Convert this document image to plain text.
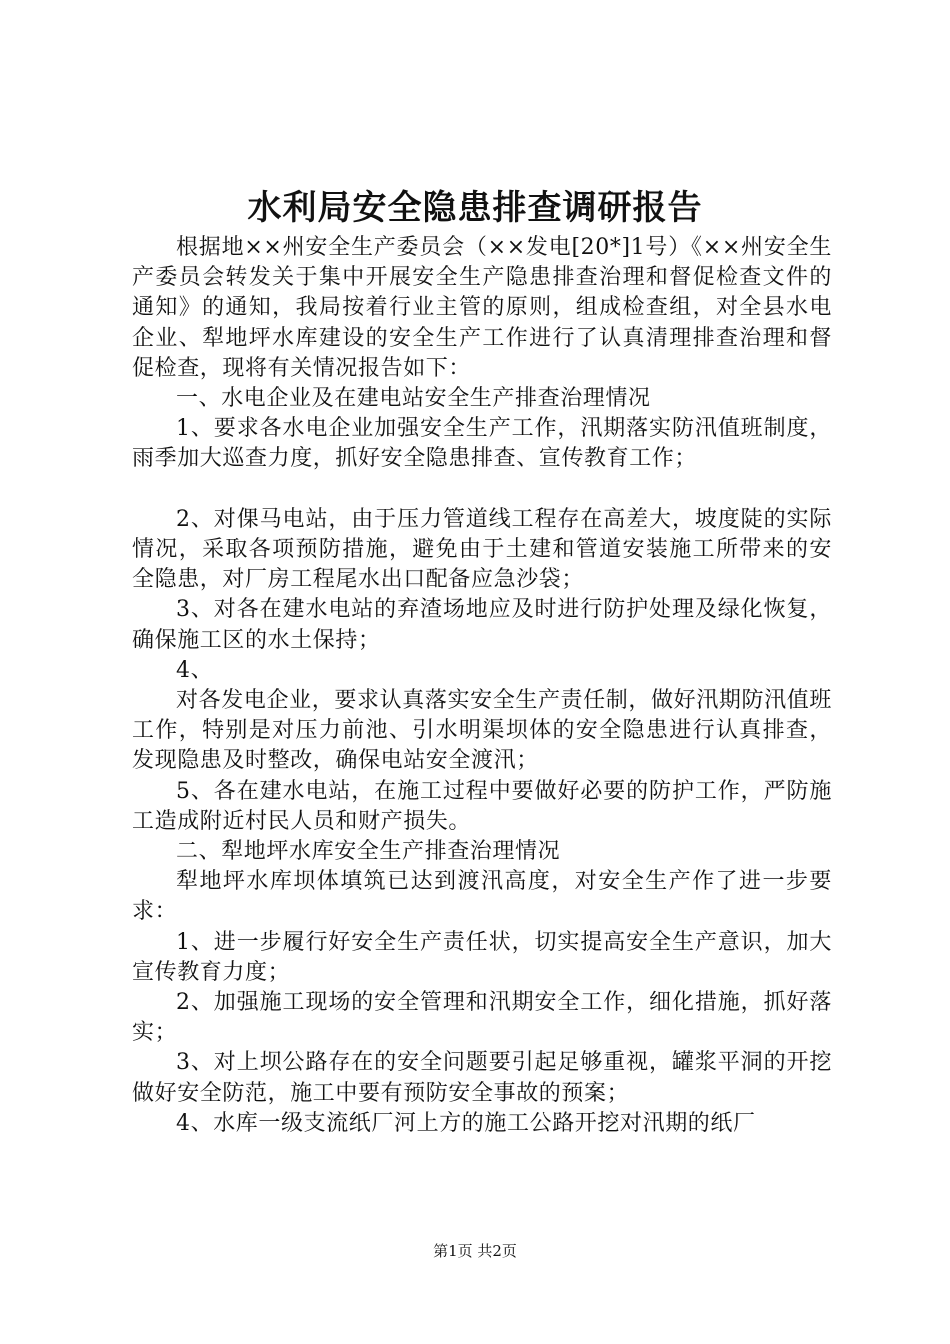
水利局安全隐患排查调研报告

根据地××州安全生产委员会（××发电[20*]1号）《××州安全生产委员会转发关于集中开展安全生产隐患排查治理和督促检查文件的通知》的通知，我局按着行业主管的原则，组成检查组，对全县水电企业、犁地坪水库建设的安全生产工作进行了认真清理排查治理和督促检查，现将有关情况报告如下：

一、水电企业及在建电站安全生产排查治理情况

1、要求各水电企业加强安全生产工作，汛期落实防汛值班制度，雨季加大巡查力度，抓好安全隐患排查、宣传教育工作；

2、对倮马电站，由于压力管道线工程存在高差大，坡度陡的实际情况，采取各项预防措施，避免由于土建和管道安装施工所带来的安全隐患，对厂房工程尾水出口配备应急沙袋；

3、对各在建水电站的弃渣场地应及时进行防护处理及绿化恢复，确保施工区的水土保持；

4、

对各发电企业，要求认真落实安全生产责任制，做好汛期防汛值班工作，特别是对压力前池、引水明渠坝体的安全隐患进行认真排查，发现隐患及时整改，确保电站安全渡汛；

5、各在建水电站，在施工过程中要做好必要的防护工作，严防施工造成附近村民人员和财产损失。

二、犁地坪水库安全生产排查治理情况

犁地坪水库坝体填筑已达到渡汛高度，对安全生产作了进一步要求：

1、进一步履行好安全生产责任状，切实提高安全生产意识，加大宣传教育力度；

2、加强施工现场的安全管理和汛期安全工作，细化措施，抓好落实；

3、对上坝公路存在的安全问题要引起足够重视，罐浆平洞的开挖做好安全防范，施工中要有预防安全事故的预案；

4、水库一级支流纸厂河上方的施工公路开挖对汛期的纸厂

第1页 共2页
